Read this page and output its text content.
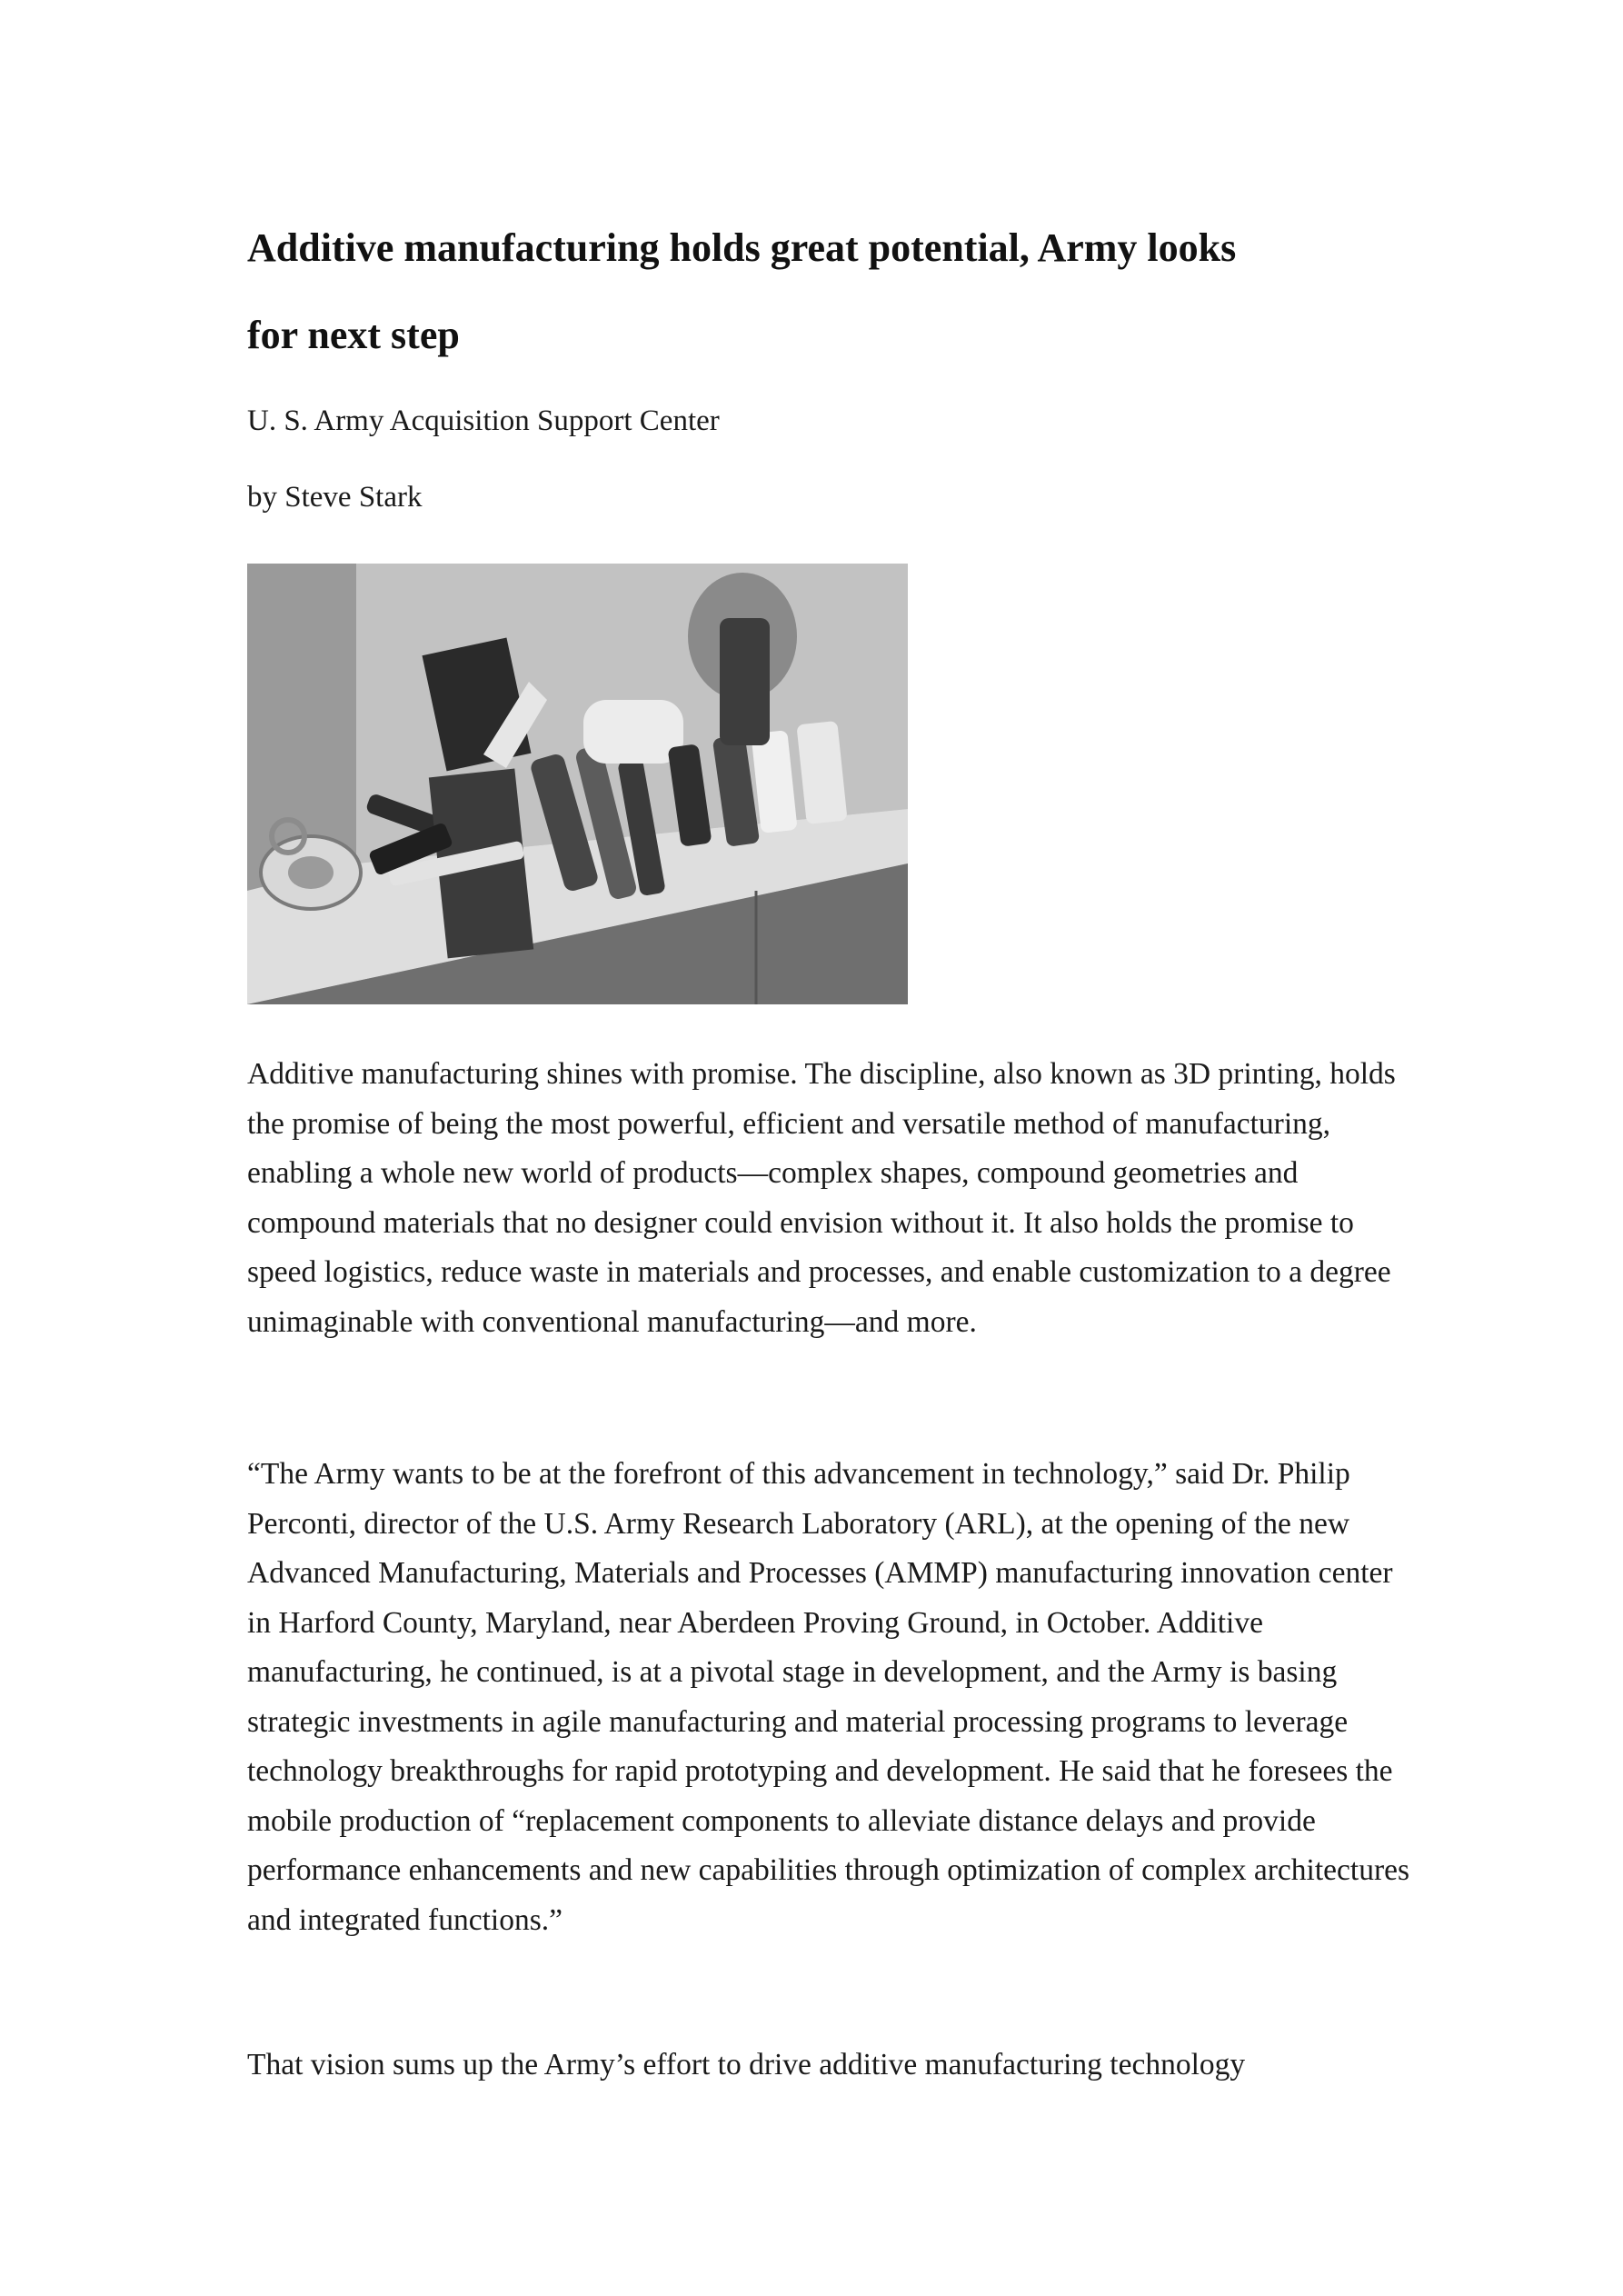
Additive manufacturing holds great potential, Army looks
for next step

U. S. Army Acquisition Support Center

by Steve Stark

Additive manufacturing shines with promise. The discipline, also known as 3D printing, holds the promise of being the most powerful, efficient and versatile method of manufacturing, enabling a whole new world of products—complex shapes, compound geometries and compound materials that no designer could envision without it. It also holds the promise to speed logistics, reduce waste in materials and processes, and enable customization to a degree unimaginable with conventional manufacturing—and more.

“The Army wants to be at the forefront of this advancement in technology,” said Dr. Philip Perconti, director of the U.S. Army Research Laboratory (ARL), at the opening of the new Advanced Manufacturing, Materials and Processes (AMMP) manufacturing innovation center in Harford County, Maryland, near Aberdeen Proving Ground, in October. Additive manufacturing, he continued, is at a pivotal stage in development, and the Army is basing strategic investments in agile manufacturing and material processing programs to leverage technology breakthroughs for rapid prototyping and development. He said that he foresees the mobile production of “replacement components to alleviate distance delays and provide performance enhancements and new capabilities through optimization of complex architectures and integrated functions.”

That vision sums up the Army’s effort to drive additive manufacturing technology
